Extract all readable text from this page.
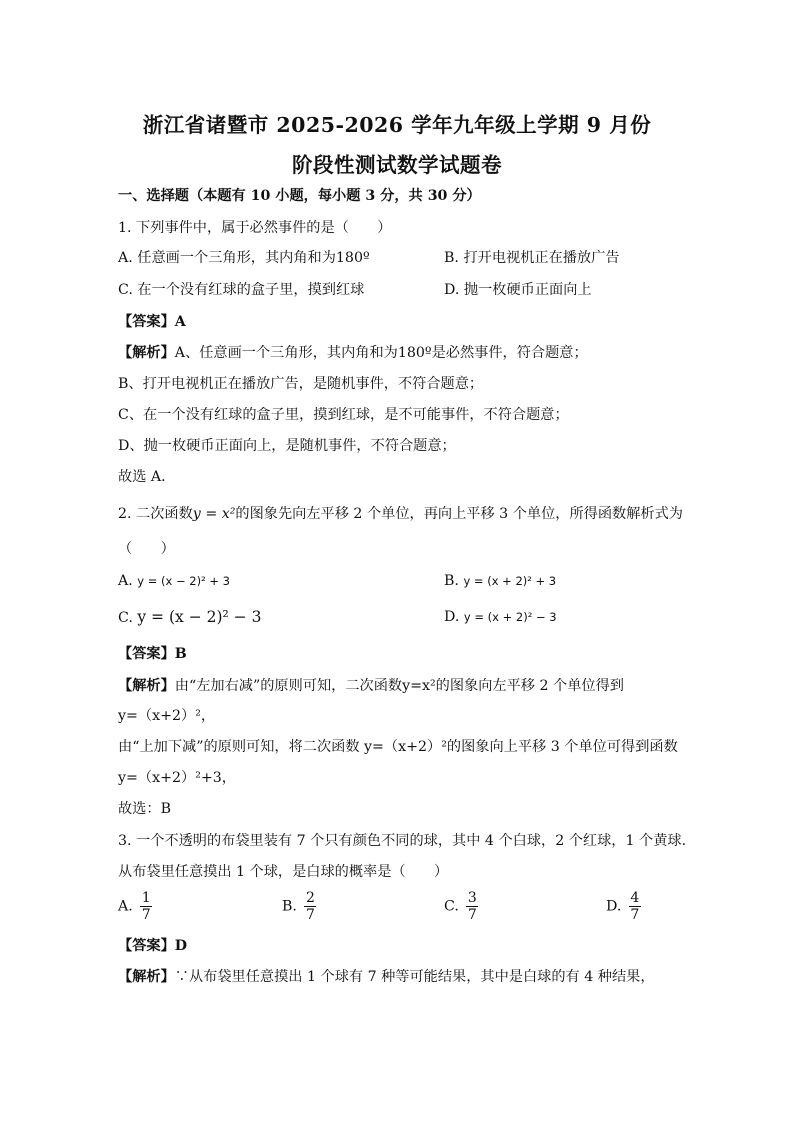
浙江省诸暨市 2025-2026 学年九年级上学期 9 月份
阶段性测试数学试题卷
一、选择题（本题有 10 小题，每小题 3 分，共 30 分）
1. 下列事件中，属于必然事件的是（　　）
A. 任意画一个三角形，其内角和为180º	B. 打开电视机正在播放广告
C. 在一个没有红球的盒子里，摸到红球	D. 抛一枚硬币正面向上
【答案】A
【解析】A、任意画一个三角形，其内角和为180º是必然事件，符合题意；
B、打开电视机正在播放广告，是随机事件，不符合题意；
C、在一个没有红球的盒子里，摸到红球，是不可能事件，不符合题意；
D、抛一枚硬币正面向上，是随机事件，不符合题意；
故选 A．
2. 二次函数y = x²的图象先向左平移 2 个单位，再向上平移 3 个单位，所得函数解析式为
（　　）
A. y = (x − 2)² + 3	B. y = (x + 2)² + 3
C. y = (x − 2)² − 3	D. y = (x + 2)² − 3
【答案】B
【解析】由“左加右减”的原则可知，二次函数y=x²的图象向左平移 2 个单位得到
y=（x+2）²，
由“上加下减”的原则可知，将二次函数 y=（x+2）²的图象向上平移 3 个单位可得到函数
y=（x+2）²+3，
故选：B
3. 一个不透明的布袋里装有 7 个只有颜色不同的球，其中 4 个白球，2 个红球，1 个黄球.
从布袋里任意摸出 1 个球，是白球的概率是（　　）
A. $\frac{1}{7}$	B. $\frac{2}{7}$	C. $\frac{3}{7}$	D. $\frac{4}{7}$
【答案】D
【解析】∵从布袋里任意摸出 1 个球有 7 种等可能结果，其中是白球的有 4 种结果，
